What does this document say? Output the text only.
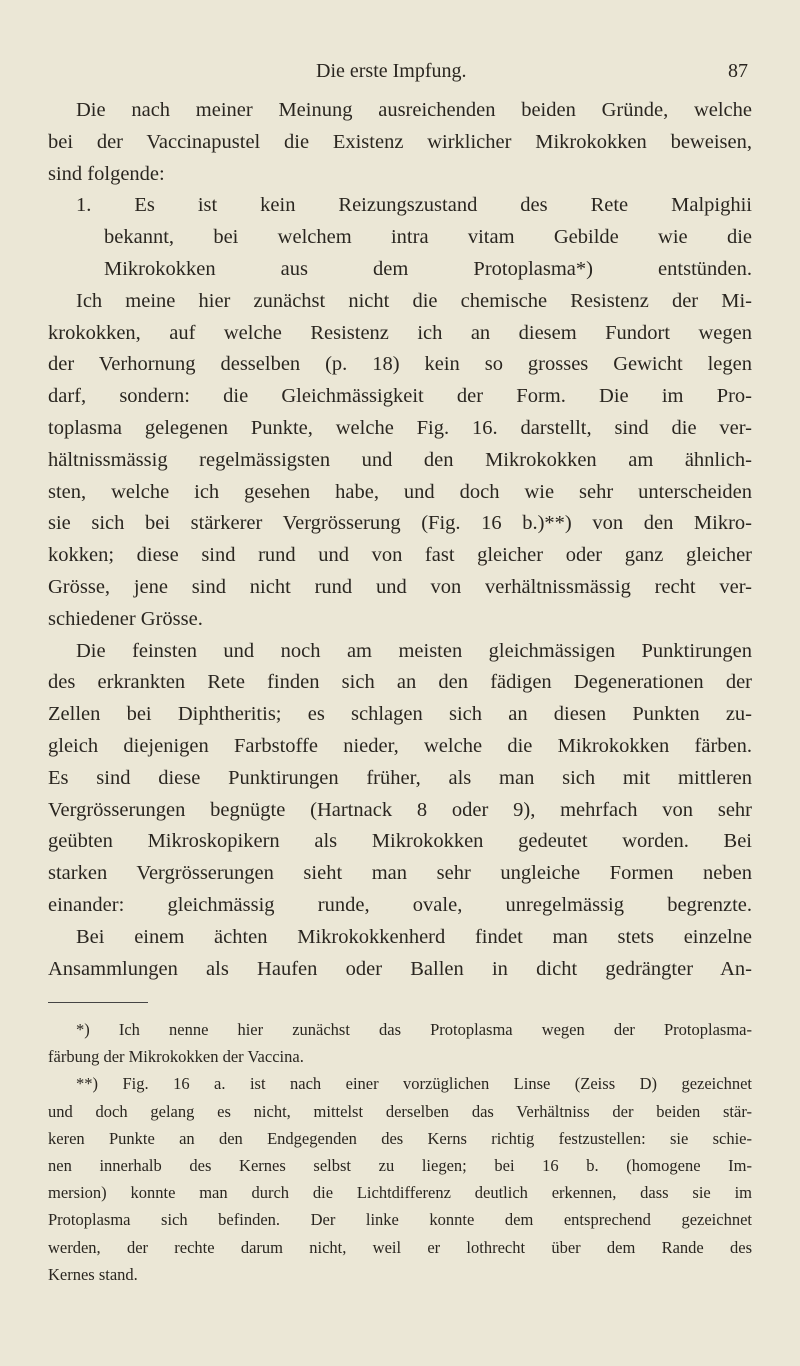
Die erste Impfung.	87
Die nach meiner Meinung ausreichenden beiden Gründe, welche
bei der Vaccinapustel die Existenz wirklicher Mikrokokken beweisen,
sind folgende:
1. Es ist kein Reizungszustand des Rete Malpighii
bekannt, bei welchem intra vitam Gebilde wie die
Mikrokokken aus dem Protoplasma*) entstünden.
Ich meine hier zunächst nicht die chemische Resistenz der Mi-
krokokken, auf welche Resistenz ich an diesem Fundort wegen
der Verhornung desselben (p. 18) kein so grosses Gewicht legen
darf, sondern: die Gleichmässigkeit der Form. Die im Pro-
toplasma gelegenen Punkte, welche Fig. 16. darstellt, sind die ver-
hältnissmässig regelmässigsten und den Mikrokokken am ähnlich-
sten, welche ich gesehen habe, und doch wie sehr unterscheiden
sie sich bei stärkerer Vergrösserung (Fig. 16 b.)**) von den Mikro-
kokken; diese sind rund und von fast gleicher oder ganz gleicher
Grösse, jene sind nicht rund und von verhältnissmässig recht ver-
schiedener Grösse.
Die feinsten und noch am meisten gleichmässigen Punktirungen
des erkrankten Rete finden sich an den fädigen Degenerationen der
Zellen bei Diphtheritis; es schlagen sich an diesen Punkten zu-
gleich diejenigen Farbstoffe nieder, welche die Mikrokokken färben.
Es sind diese Punktirungen früher, als man sich mit mittleren
Vergrösserungen begnügte (Hartnack 8 oder 9), mehrfach von sehr
geübten Mikroskopikern als Mikrokokken gedeutet worden. Bei
starken Vergrösserungen sieht man sehr ungleiche Formen neben
einander: gleichmässig runde, ovale, unregelmässig begrenzte.
Bei einem ächten Mikrokokkenherd findet man stets einzelne
Ansammlungen als Haufen oder Ballen in dicht gedrängter An-
*) Ich nenne hier zunächst das Protoplasma wegen der Protoplasma-
färbung der Mikrokokken der Vaccina.
**) Fig. 16 a. ist nach einer vorzüglichen Linse (Zeiss D) gezeichnet
und doch gelang es nicht, mittelst derselben das Verhältniss der beiden stär-
keren Punkte an den Endgegenden des Kerns richtig festzustellen: sie schie-
nen innerhalb des Kernes selbst zu liegen; bei 16 b. (homogene Im-
mersion) konnte man durch die Lichtdifferenz deutlich erkennen, dass sie im
Protoplasma sich befinden. Der linke konnte dem entsprechend gezeichnet
werden, der rechte darum nicht, weil er lothrecht über dem Rande des
Kernes stand.
